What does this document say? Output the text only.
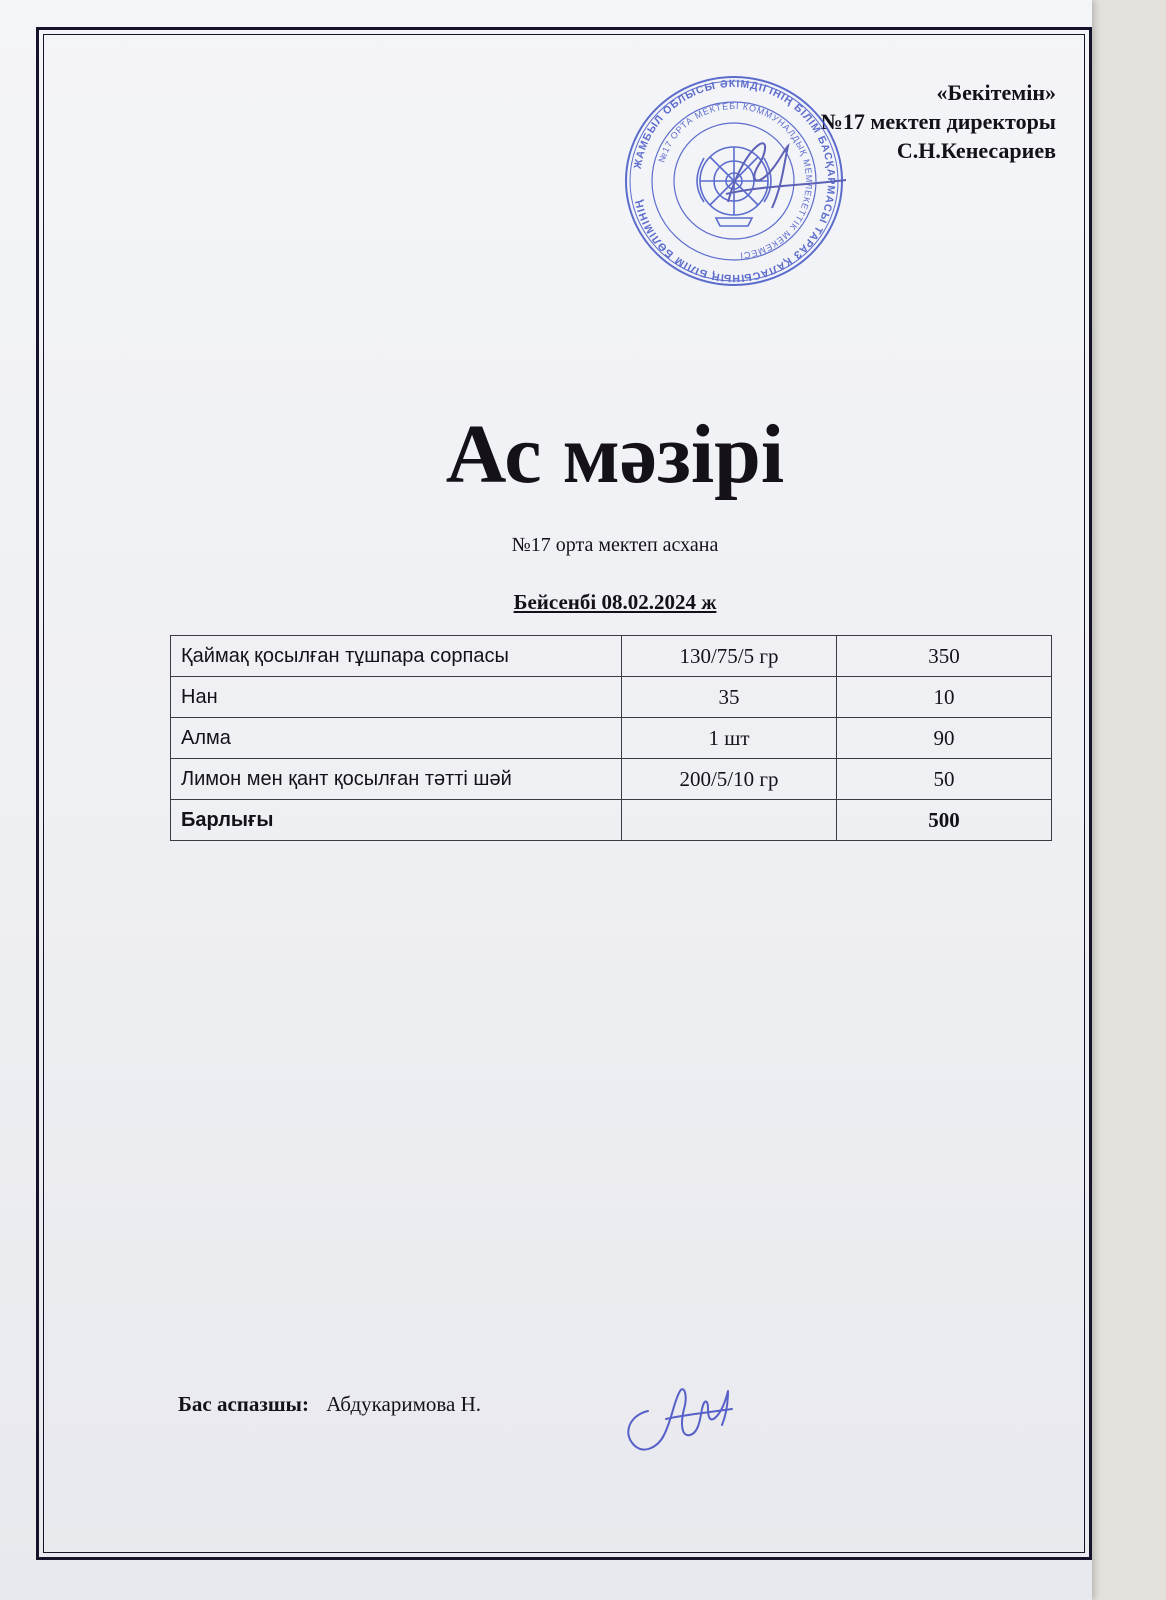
«Бекітемін»
№17 мектеп директоры
С.Н.Кенесариев
ЖАМБЫЛ ОБЛЫСЫ ӘКІМДІГІНІҢ БІЛІМ БАСҚАРМАСЫ ТАРАЗ ҚАЛАСЫНЫҢ БІЛІМ БӨЛІМІНІҢ
№17 ОРТА МЕКТЕБІ КОММУНАЛДЫҚ МЕМЛЕКЕТТІК МЕКЕМЕСІ
Ас мәзірі
№17 орта мектеп асхана
Бейсенбі 08.02.2024 ж
Қаймақ қосылған тұшпара сорпасы	130/75/5 гр	350
Нан	35	10
Алма	1 шт	90
Лимон мен қант қосылған тәтті шәй	200/5/10 гр	50
Барлығы		500
Бас аспазшы: Абдукаримова Н.
